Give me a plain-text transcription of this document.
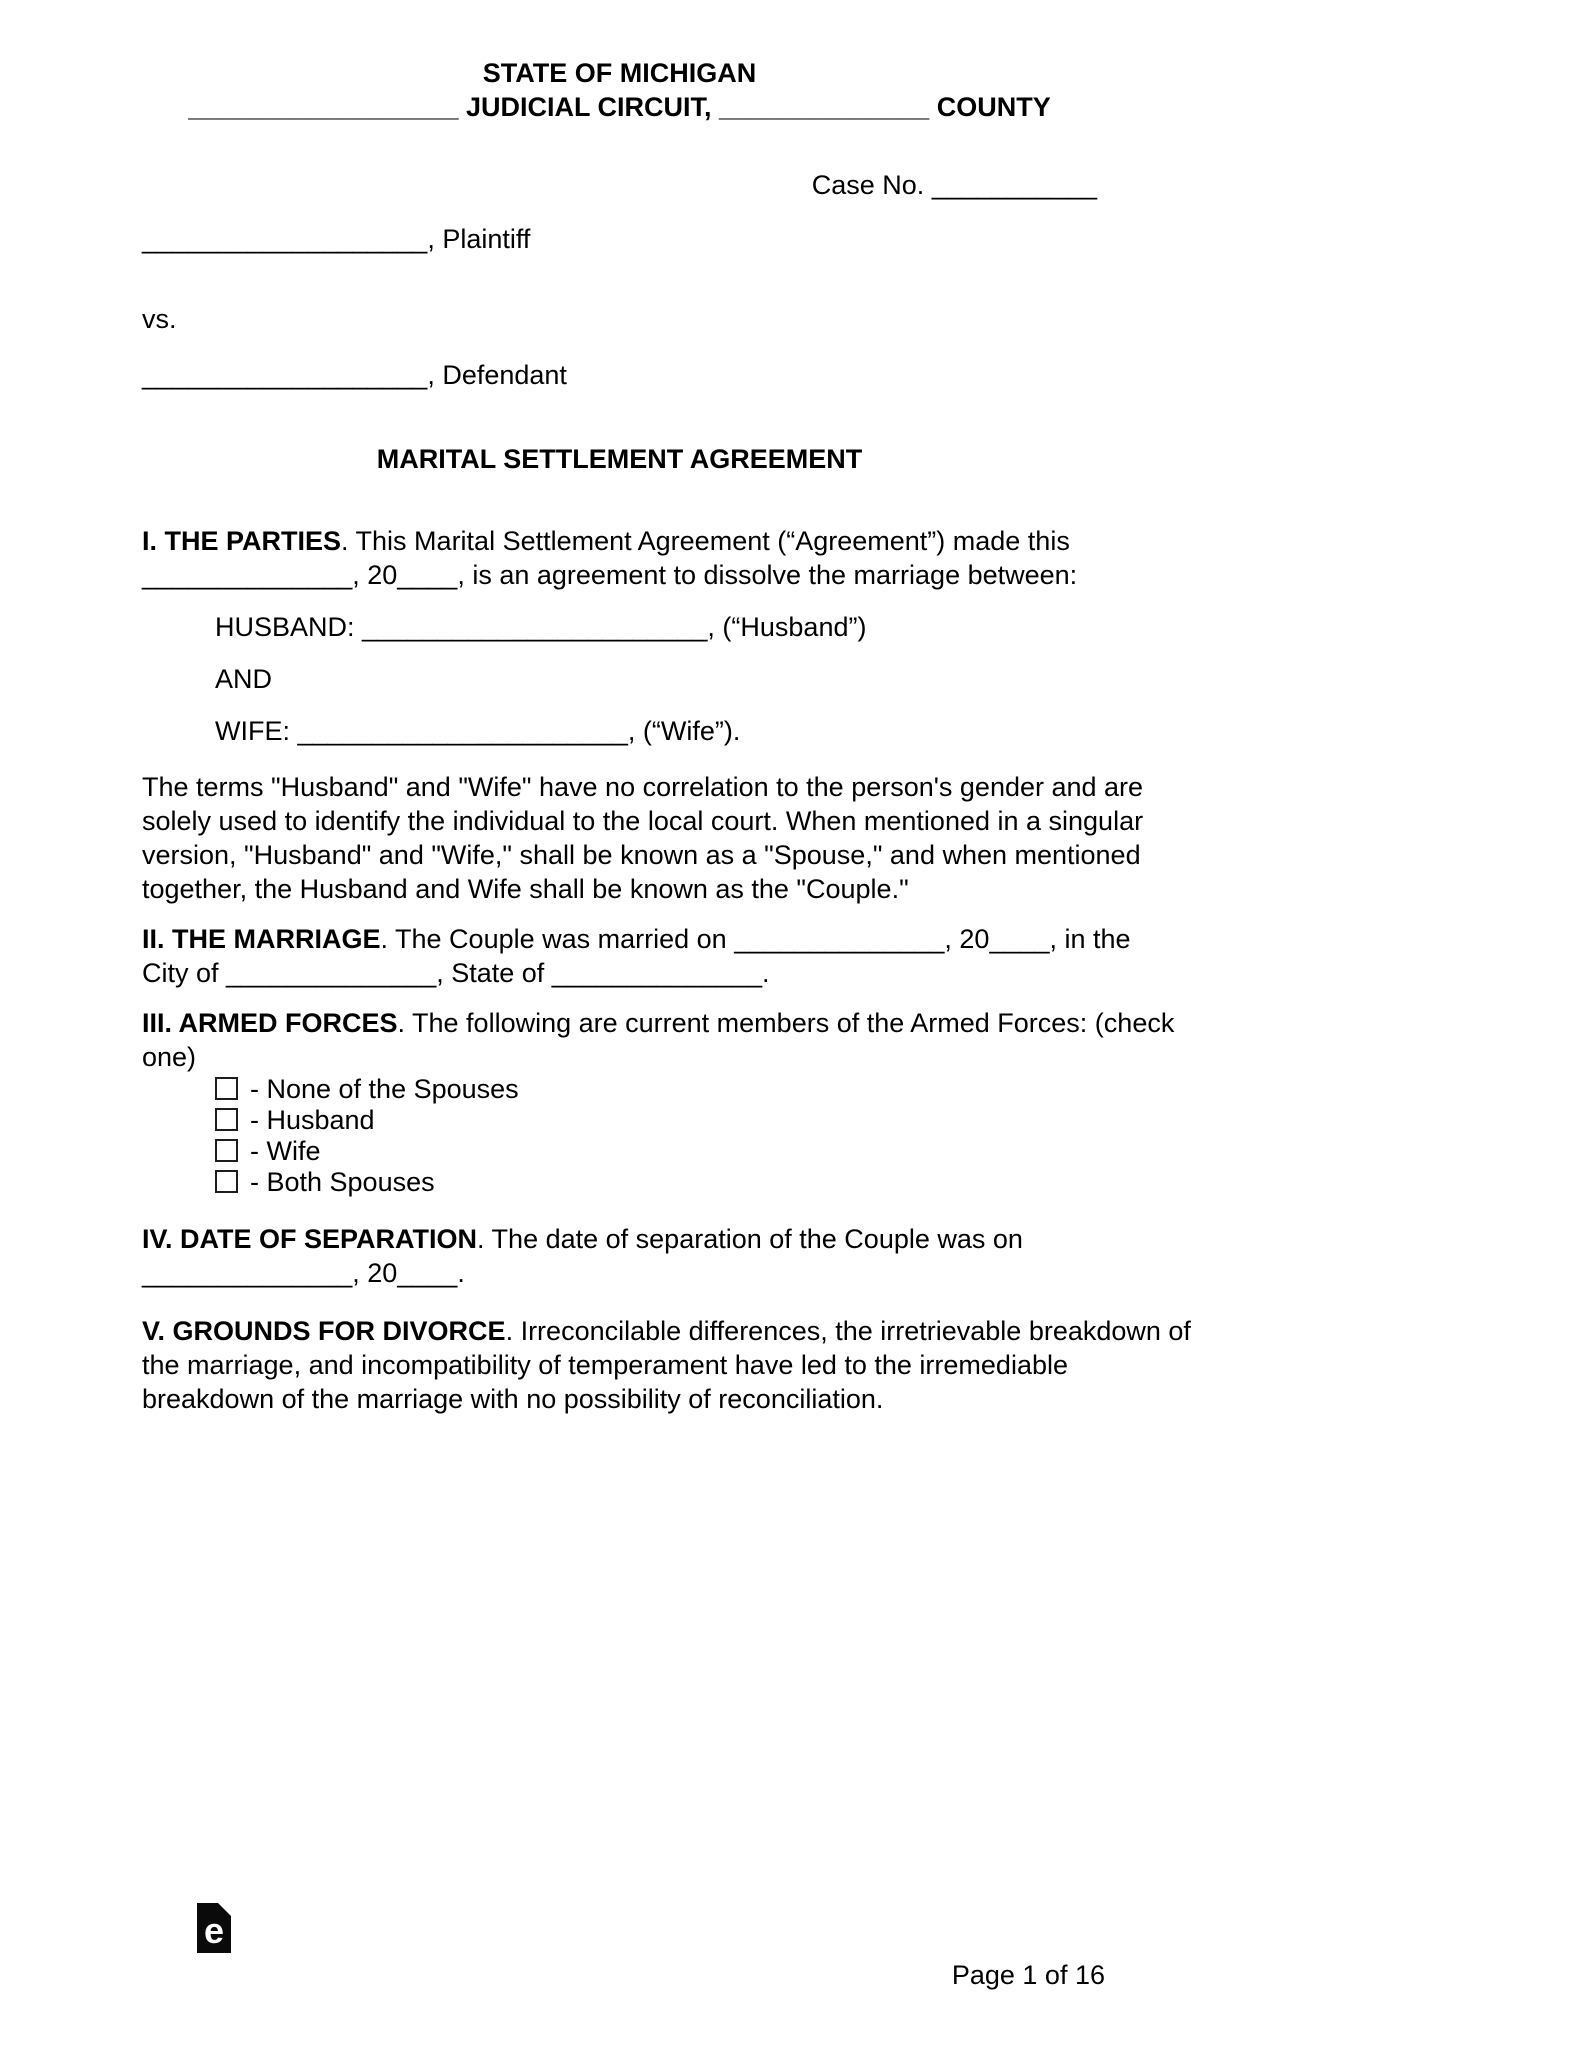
STATE OF MICHIGAN
__________________ JUDICIAL CIRCUIT, ______________ COUNTY
Case No. ___________
___________________, Plaintiff
vs.
___________________, Defendant
MARITAL SETTLEMENT AGREEMENT
I. THE PARTIES. This Marital Settlement Agreement (“Agreement”) made this
______________, 20____, is an agreement to dissolve the marriage between:
HUSBAND: _______________________, (“Husband”)
AND
WIFE: ______________________, (“Wife”).
The terms "Husband" and "Wife" have no correlation to the person's gender and are
solely used to identify the individual to the local court. When mentioned in a singular
version, "Husband" and "Wife," shall be known as a "Spouse," and when mentioned
together, the Husband and Wife shall be known as the "Couple."
II. THE MARRIAGE. The Couple was married on ______________, 20____, in the
City of ______________, State of ______________.
III. ARMED FORCES. The following are current members of the Armed Forces: (check
one)
- None of the Spouses
- Husband
- Wife
- Both Spouses
IV. DATE OF SEPARATION. The date of separation of the Couple was on
______________, 20____.
V. GROUNDS FOR DIVORCE. Irreconcilable differences, the irretrievable breakdown of
the marriage, and incompatibility of temperament have led to the irremediable
breakdown of the marriage with no possibility of reconciliation.
e
Page 1 of 16
